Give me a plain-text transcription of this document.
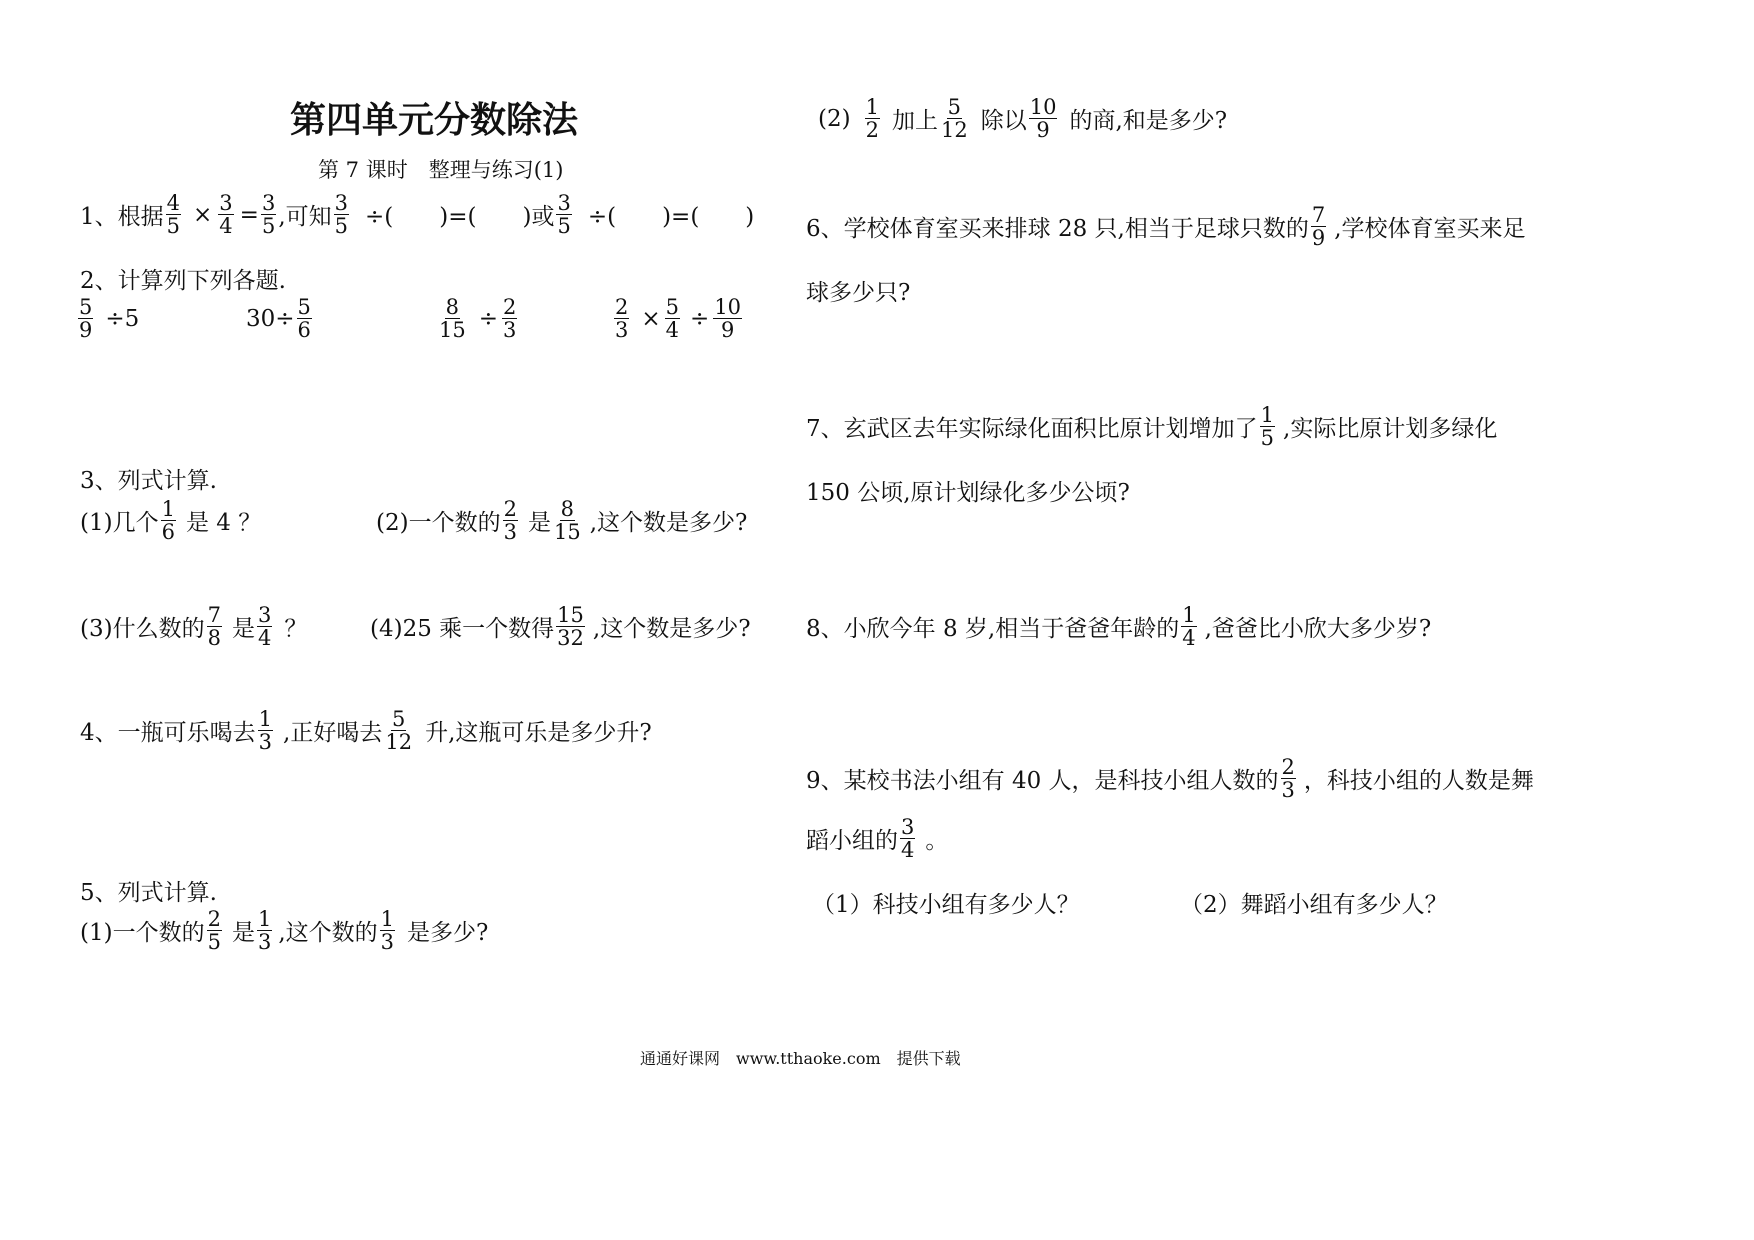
第四单元分数除法
第 7 课时　整理与练习(1)
1、根据 $\frac{4}{5} \times \frac{3}{4} = \frac{3}{5}$ ,可知 $\frac{3}{5}$ ÷(　　)=(　　)或 $\frac{3}{5}$ ÷(　　)=(　　)
2、计算列下列各题.
$\frac{5}{9} \div 5$	$30\div \frac{5}{6}$	$\frac{8}{15} \div \frac{2}{3}$	$\frac{2}{3} \times \frac{5}{4} \div \frac{10}{9}$
3、列式计算.
(1)几个 $\frac{1}{6}$ 是 4 ？	(2)一个数的 $\frac{2}{3}$ 是 $\frac{8}{15}$ ,这个数是多少?
(3)什么数的 $\frac{7}{8}$ 是 $\frac{3}{4}$ ？	(4)25 乘一个数得 $\frac{15}{32}$ ,这个数是多少?
4、一瓶可乐喝去 $\frac{1}{3}$ ,正好喝去 $\frac{5}{12}$ 升,这瓶可乐是多少升?
5、列式计算.
(1)一个数的 $\frac{2}{5}$ 是 $\frac{1}{3}$ ,这个数的 $\frac{1}{3}$ 是多少?
$(2) \frac{1}{2}$ 加上 $\frac{5}{12}$ 除以 $\frac{10}{9}$ 的商,和是多少?
6、学校体育室买来排球 28 只,相当于足球只数的 $\frac{7}{9}$ ,学校体育室买来足
球多少只?
7、玄武区去年实际绿化面积比原计划增加了 $\frac{1}{5}$ ,实际比原计划多绿化
150 公顷,原计划绿化多少公顷?
8、小欣今年 8 岁,相当于爸爸年龄的 $\frac{1}{4}$ ,爸爸比小欣大多少岁?
9、某校书法小组有 40 人，是科技小组人数的 $\frac{2}{3}$ ，科技小组的人数是舞
蹈小组的 $\frac{3}{4}$ 。
（1）科技小组有多少人？	（2）舞蹈小组有多少人？
通通好课网　www.tthaoke.com　提供下载
